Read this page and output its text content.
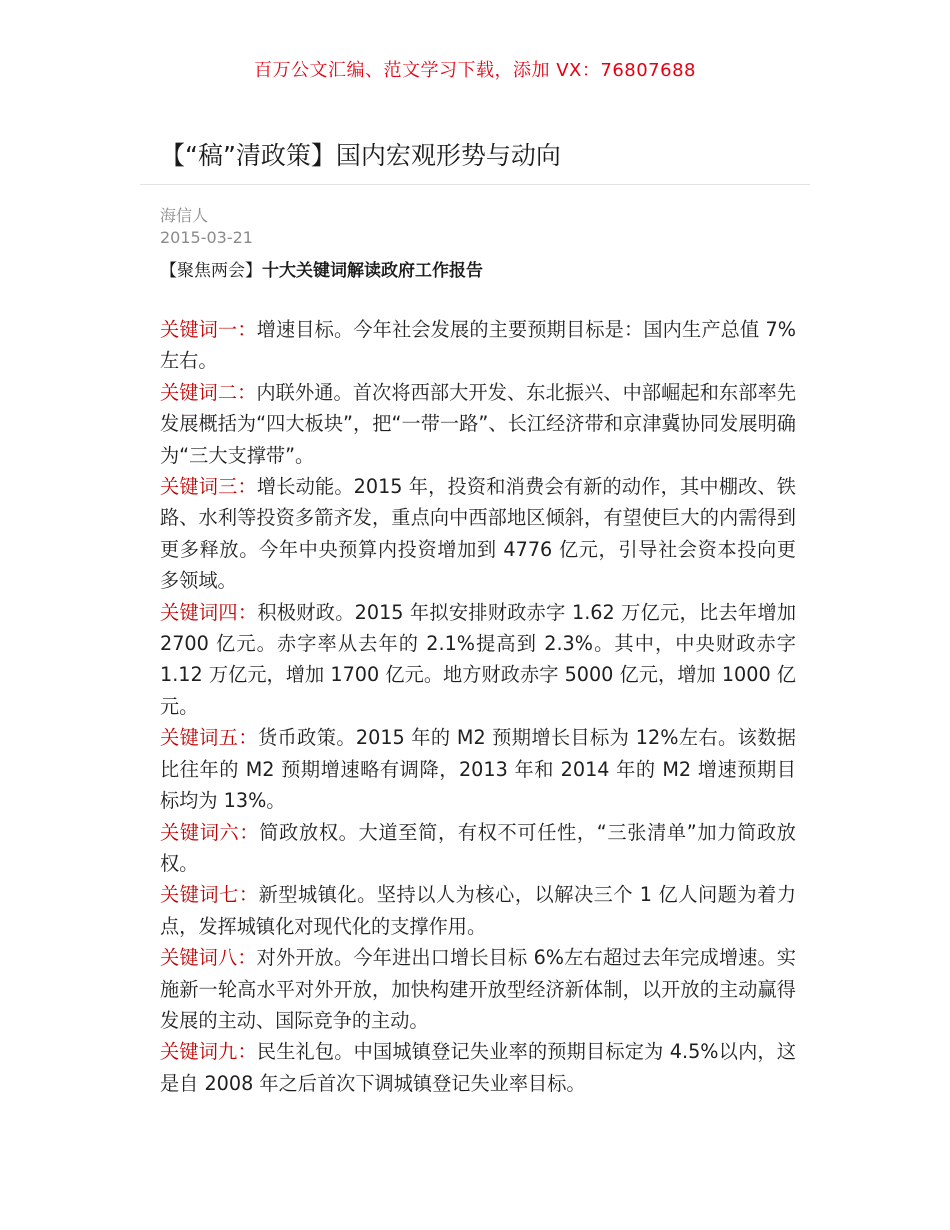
百万公文汇编、范文学习下载，添加 VX：76807688
【“稿”清政策】国内宏观形势与动向
海信人
2015-03-21
【聚焦两会】十大关键词解读政府工作报告

关键词一：增速目标。今年社会发展的主要预期目标是：国内生产总值 7%左右。

关键词二：内联外通。首次将西部大开发、东北振兴、中部崛起和东部率先发展概括为“四大板块”，把“一带一路”、长江经济带和京津冀协同发展明确为“三大支撑带”。

关键词三：增长动能。2015 年，投资和消费会有新的动作，其中棚改、铁路、水利等投资多箭齐发，重点向中西部地区倾斜，有望使巨大的内需得到更多释放。今年中央预算内投资增加到 4776 亿元，引导社会资本投向更多领域。

关键词四：积极财政。2015 年拟安排财政赤字 1.62 万亿元，比去年增加 2700 亿元。赤字率从去年的 2.1%提高到 2.3%。其中，中央财政赤字 1.12 万亿元，增加 1700 亿元。地方财政赤字 5000 亿元，增加 1000 亿元。

关键词五：货币政策。2015 年的 M2 预期增长目标为 12%左右。该数据比往年的 M2 预期增速略有调降，2013 年和 2014 年的 M2 增速预期目标均为 13%。

关键词六：简政放权。大道至简，有权不可任性，“三张清单”加力简政放权。

关键词七：新型城镇化。坚持以人为核心，以解决三个 1 亿人问题为着力点，发挥城镇化对现代化的支撑作用。

关键词八：对外开放。今年进出口增长目标 6%左右超过去年完成增速。实施新一轮高水平对外开放，加快构建开放型经济新体制，以开放的主动赢得发展的主动、国际竞争的主动。

关键词九：民生礼包。中国城镇登记失业率的预期目标定为 4.5%以内，这是自 2008 年之后首次下调城镇登记失业率目标。
